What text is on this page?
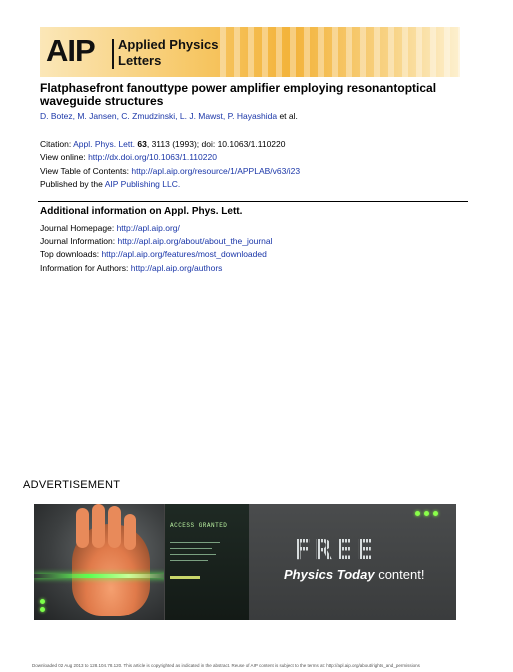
AIP Applied Physics
Letters
Flatphasefront fanouttype power amplifier employing resonantoptical waveguide structures
D. Botez, M. Jansen, C. Zmudzinski, L. J. Mawst, P. Hayashida et al.
Citation: Appl. Phys. Lett. 63, 3113 (1993); doi: 10.1063/1.110220
View online: http://dx.doi.org/10.1063/1.110220
View Table of Contents: http://apl.aip.org/resource/1/APPLAB/v63/i23
Published by the AIP Publishing LLC.
Additional information on Appl. Phys. Lett.
Journal Homepage: http://apl.aip.org/
Journal Information: http://apl.aip.org/about/about_the_journal
Top downloads: http://apl.aip.org/features/most_downloaded
Information for Authors: http://apl.aip.org/authors
ADVERTISEMENT
ACCESS GRANTED
FREE
Physics Today content!
Downloaded 02 Aug 2013 to 128.104.78.120. This article is copyrighted as indicated in the abstract. Reuse of AIP content is subject to the terms at: http://apl.aip.org/about/rights_and_permissions
